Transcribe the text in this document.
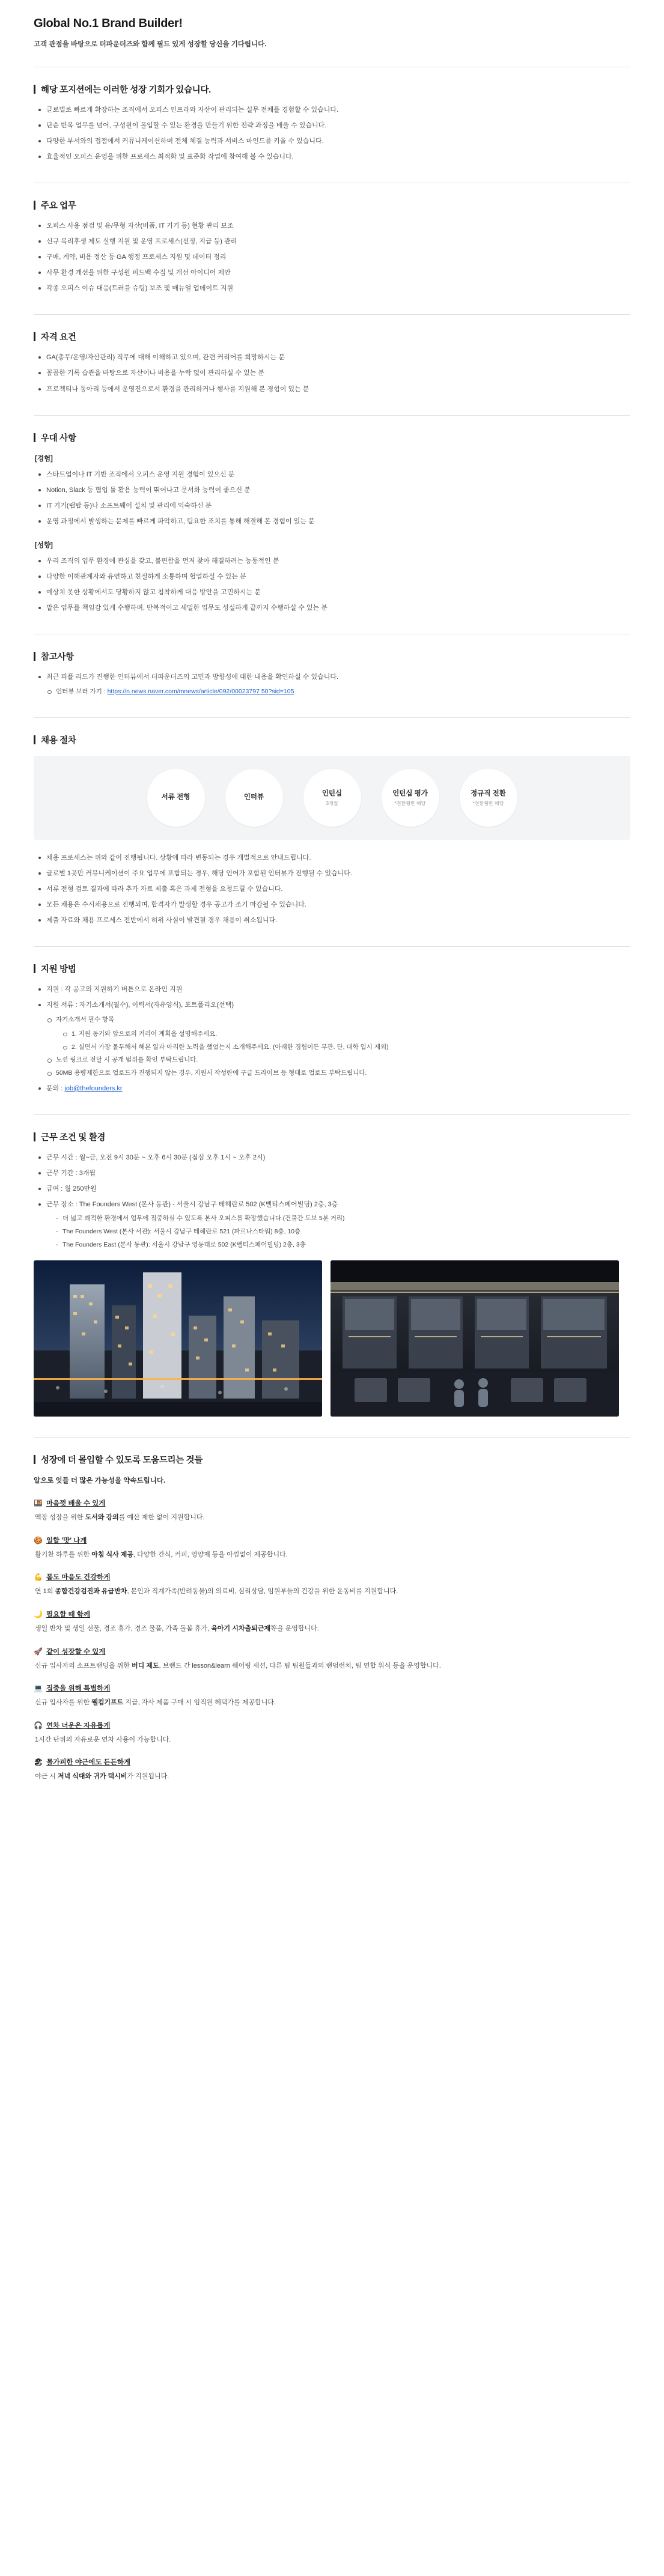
Global No.1 Brand Builder!

고객 관점을 바탕으로 더파운더즈와 함께 필드 있게 성장할 당신을 기다립니다.

해당 포지션에는 이러한 성장 기회가 있습니다.
글로벌로 빠르게 확장하는 조직에서 오피스 인프라와 자산이 관리되는 실무 전체를 경험할 수 있습니다.
단순 반복 업무를 넘어, 구성원이 몰입할 수 있는 환경을 만들기 위한 전략 과정을 배울 수 있습니다.
다양한 부서와의 접점에서 커뮤니케이션하며 전체 체결 능력과 서비스 마인드를 키울 수 있습니다.
효율적인 오피스 운영을 위한 프로세스 최적화 및 표준화 작업에 참여해 볼 수 있습니다.
주요 업무
오피스 사용 점검 및 유/무형 자산(비품, IT 기기 등) 현황 관리 보조
신규 복리후생 제도 실행 지원 및 운영 프로세스(선정, 지급 등) 관리
구매, 계약, 비용 정산 등 GA 행정 프로세스 지원 및 데이터 정리
사무 환경 개선을 위한 구성원 피드백 수집 및 개선 아이디어 제안
각종 오피스 이슈 대응(트러블 슈팅) 보조 및 매뉴얼 업데이트 지원
자격 요건
GA(총무/운영/자산관리) 직무에 대해 이해하고 있으며, 관련 커리어를 희망하시는 분
꼼꼼한 기록 습관을 바탕으로 자산이나 비용을 누락 없이 관리하실 수 있는 분
프로젝티나 동아리 등에서 운영진으로서 환경을 관리하거나 행사를 지원해 본 경험이 있는 분
우대 사항
[경험]
스타트업이나 IT 기반 조직에서 오피스 운영 지원 경험이 있으신 분
Notion, Slack 등 협업 툴 활용 능력이 뛰어나고 문서화 능력이 좋으신 분
IT 기기(랩탑 등)나 소프트웨어 설치 및 관리에 익숙하신 분
운영 과정에서 발생하는 문제를 빠르게 파악하고, 팀요한 조치를 통해 해결해 본 경험이 있는 분
[성향]
우리 조직의 업무 환경에 관심을 갖고, 불편함을 먼저 찾아 해결하려는 능동적인 분
다양한 이해관계자와 유연하고 친절하게 소통하며 협업하실 수 있는 분
예상치 못한 상황에서도 당황하지 않고 침착하게 대응 방안을 고민하시는 분
맡은 업무를 책임감 있게 수행하며, 반복적이고 세밀한 업무도 성실하게 끝까지 수행하실 수 있는 분
참고사항
최근 피플 리드가 진행한 인터뷰에서 더파운더즈의 고민과 방향성에 대한 내용을 확인하실 수 있습니다.
인터뷰 보러 가기 : https://n.news.naver.com/mnews/article/092/00023797 50?sid=105
채용 절차
서류 전형	인터뷰	인턴십
3개월
인턴십 평가
*전환형만 해당
정규직 전환
*전환형만 해당
채용 프로세스는 위와 같이 진행됩니다. 상황에 따라 변동되는 경우 개별적으로 안내드립니다.
글로벌 1곳만 커뮤니케이션이 주요 업무에 포함되는 경우, 해당 언어가 포함된 인터뷰가 진행될 수 있습니다.
서류 전형 검토 결과에 따라 추가 자료 제출 혹은 과제 전형을 요청드릴 수 있습니다.
모든 채용은 수시채용으로 진행되며, 합격자가 발생할 경우 공고가 조기 마감될 수 있습니다.
제출 자료와 채용 프로세스 전반에서 허위 사실이 발견될 경우 채용이 취소됩니다.
지원 방법
지원 : 각 공고의 지원하기 버튼으로 온라인 지원
지원 서류 : 자기소개서(필수), 이력서(자유양식), 포트폴리오(선택)
자기소개서 필수 항목
1. 지원 동기와 앞으로의 커리어 계획을 설명해주세요.
2. 실면서 가장 몰두해서 해본 일과 아리란 노력을 했었는지 소개해주세요. (아래한 경험이든 무관. 단, 대학 입시 제외)
노션 링크로 전달 시 공개 범위를 확인 부탁드립니다.
50MB 용량제한으로 업로드가 진행되지 않는 경우, 지원서 작성란에 구글 드라이브 등 형태로 업로드 부탁드립니다.
문의 : job@thefounders.kr
근무 조건 및 환경
근무 시간 : 월~금, 오전 9시 30분 ~ 오후 6시 30분 (점심 오후 1시 ~ 오후 2시)
근무 기간 : 3개월
급여 : 월 250만원
근무 장소 : The Founders West (본사 동관) - 서울시 강남구 테헤란로 502 (K밸티스페어빌딩) 2층, 3층
- 더 넓고 쾌적한 환경에서 업무에 집중하실 수 있도록 본사 오피스를 확장했습니다.(건물간 도보 5분 거리)
- The Founders West (본사 서관): 서울시 강남구 테헤란로 521 (파르나스타워) 8층, 10층
- The Founders East (본사 동관): 서울시 강남구 영동대로 502 (K밸티스페어빌딩) 2층, 3층
성장에 더 몰입할 수 있도록 도움드리는 것들

알으로 잇들 더 많은 가능성을 약속드립니다.

🍱 마음껏 배울 수 있게

액장 성장을 위한 도서와 강의를 예산 제한 없이 지원합니다.

🍪 일할 '맛' 나게

활기찬 하루를 위한 아침 식사 제공, 다양한 간식, 커피, 영양제 등을 아낌없이 제공합니다.

💪 몸도 마음도 건강하게

연 1회 종합건강검진과 유급반차, 본인과 직계가족(반려동물)의 의료비, 심리상담, 임원부들의 건강을 위한 운동비를 지원합니다.

🌙 필요할 때 함께

생일 반차 및 생일 선물, 경조 휴가, 경조 물품, 가족 돌봄 휴가, 육아기 시차출퇴근제等을 운영합니다.

🚀 같이 성장할 수 있게

신규 입사자의 소프트랜딩을 위한 버디 제도, 브랜드 간 lesson&learn 쉐어링 세션, 다른 팀 팀원들과의 랜덤런치, 팀 연합 워식 등을 운영합니다.

💻 집중을 위해 특별하게

신규 입사자를 위한 웰컴기프트 지급, 자사 제품 구매 시 임직원 혜택가를 제공합니다.

🎧 연차 너운은 자유롭게

1시간 단위의 자유로운 연차 사용이 가능합니다.

🏖 몰가피한 야근에도 든든하게

야근 시 저녁 식대와 귀가 택시비가 지원됩니다.
